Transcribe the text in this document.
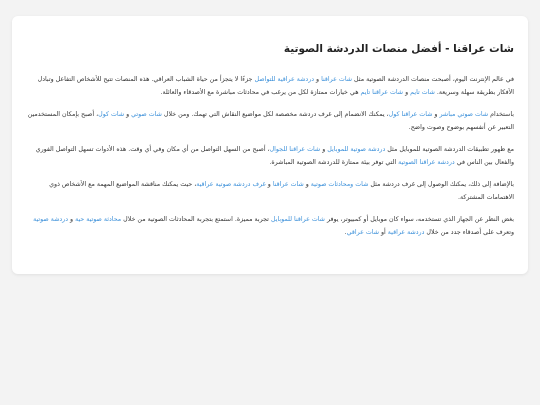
شات عراقنا - أفضل منصات الدردشة الصوتية

في عالم الإنترنت اليوم، أصبحت منصات الدردشة الصوتية مثل شات عراقنا و دردشة عراقية للتواصل جزءًا لا يتجزأ من حياة الشباب العراقي. هذه المنصات تتيح للأشخاص التفاعل وتبادل الأفكار بطريقة سهلة وسريعة. شات تايم و شات عراقنا تايم هي خيارات ممتازة لكل من يرغب في محادثات مباشرة مع الأصدقاء والعائلة.

باستخدام شات صوتي مباشر و شات عراقنا كول، يمكنك الانضمام إلى غرف دردشة مخصصة لكل مواضيع النقاش التي تهمك. ومن خلال شات صوتي و شات كول، أصبح بإمكان المستخدمين التعبير عن أنفسهم بوضوح وصوت واضح.

مع ظهور تطبيقات الدردشة الصوتية للموبايل مثل دردشة صوتية للموبايل و شات عراقنا للجوال، أصبح من السهل التواصل من أي مكان وفي أي وقت. هذه الأدوات تسهل التواصل الفوري والفعال بين الناس في دردشة عراقنا الصوتية التي توفر بيئة ممتازة للدردشة الصوتية المباشرة.

بالإضافة إلى ذلك، يمكنك الوصول إلى غرف دردشة مثل شات ومحادثات صوتية و شات عراقنا و غرف دردشة صوتية عراقية، حيث يمكنك مناقشة المواضيع المهمة مع الأشخاص ذوي الاهتمامات المشتركة.

بغض النظر عن الجهاز الذي تستخدمه، سواء كان موبايل أو كمبيوتر، يوفر شات عراقنا للموبايل تجربة مميزة. استمتع بتجربة المحادثات الصوتية من خلال محادثة صوتية حية و دردشة صوتية وتعرف على أصدقاء جدد من خلال دردشة عراقية أو شات عراقي.
